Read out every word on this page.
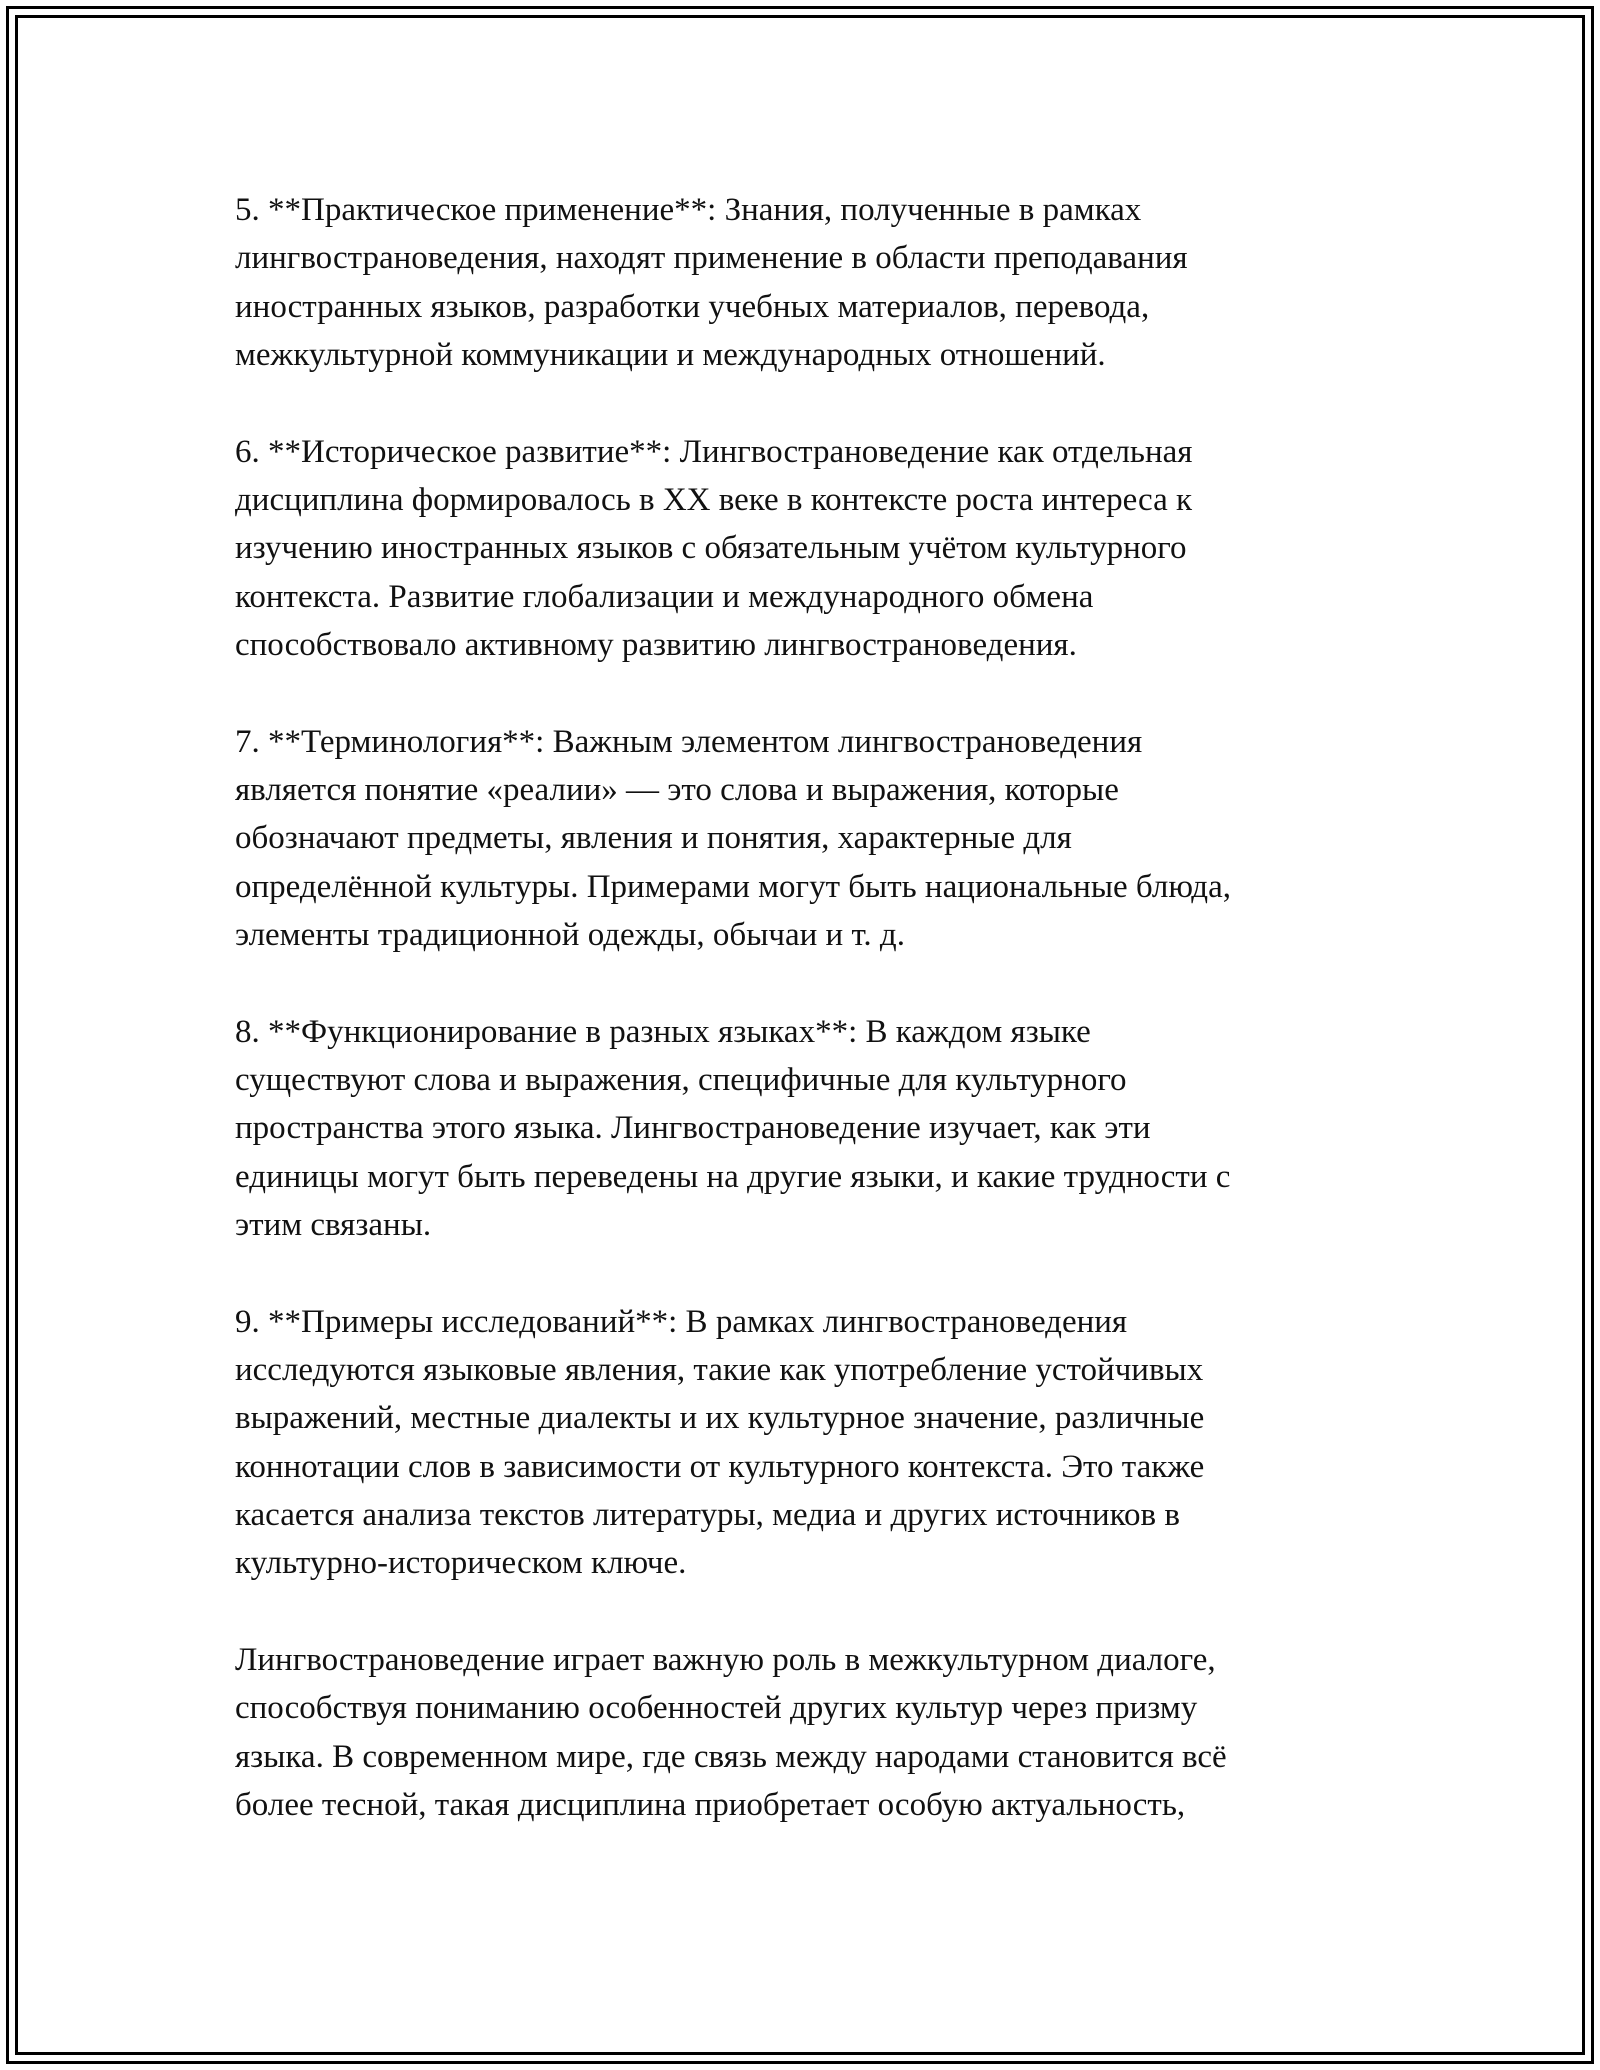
5. **Практическое применение**: Знания, полученные в рамках
лингвострановедения, находят применение в области преподавания
иностранных языков, разработки учебных материалов, перевода,
межкультурной коммуникации и международных отношений.

6. **Историческое развитие**: Лингвострановедение как отдельная
дисциплина формировалось в XX веке в контексте роста интереса к
изучению иностранных языков с обязательным учётом культурного
контекста. Развитие глобализации и международного обмена
способствовало активному развитию лингвострановедения.

7. **Терминология**: Важным элементом лингвострановедения
является понятие «реалии» — это слова и выражения, которые
обозначают предметы, явления и понятия, характерные для
определённой культуры. Примерами могут быть национальные блюда,
элементы традиционной одежды, обычаи и т. д.

8. **Функционирование в разных языках**: В каждом языке
существуют слова и выражения, специфичные для культурного
пространства этого языка. Лингвострановедение изучает, как эти
единицы могут быть переведены на другие языки, и какие трудности с
этим связаны.

9. **Примеры исследований**: В рамках лингвострановедения
исследуются языковые явления, такие как употребление устойчивых
выражений, местные диалекты и их культурное значение, различные
коннотации слов в зависимости от культурного контекста. Это также
касается анализа текстов литературы, медиа и других источников в
культурно-историческом ключе.

Лингвострановедение играет важную роль в межкультурном диалоге,
способствуя пониманию особенностей других культур через призму
языка. В современном мире, где связь между народами становится всё
более тесной, такая дисциплина приобретает особую актуальность,
